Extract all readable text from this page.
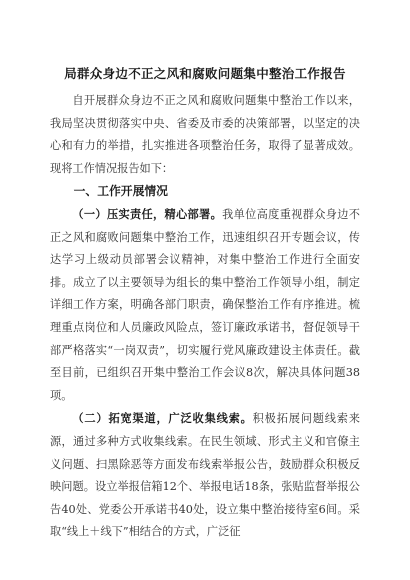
局群众身边不正之风和腐败问题集中整治工作报告

自开展群众身边不正之风和腐败问题集中整治工作以来，我局坚决贯彻落实中央、省委及市委的决策部署，以坚定的决心和有力的举措，扎实推进各项整治任务，取得了显著成效。现将工作情况报告如下：

一、工作开展情况

（一）压实责任，精心部署。我单位高度重视群众身边不正之风和腐败问题集中整治工作，迅速组织召开专题会议，传达学习上级动员部署会议精神，对集中整治工作进行全面安排。成立了以主要领导为组长的集中整治工作领导小组，制定详细工作方案，明确各部门职责，确保整治工作有序推进。梳理重点岗位和人员廉政风险点，签订廉政承诺书，督促领导干部严格落实“一岗双责”，切实履行党风廉政建设主体责任。截至目前，已组织召开集中整治工作会议8次，解决具体问题38项。

（二）拓宽渠道，广泛收集线索。积极拓展问题线索来源，通过多种方式收集线索。在民生领域、形式主义和官僚主义问题、扫黑除恶等方面发布线索举报公告，鼓励群众积极反映问题。设立举报信箱12个、举报电话18条，张贴监督举报公告40处、党委公开承诺书40处，设立集中整治接待室6间。采取“线上＋线下”相结合的方式，广泛征
